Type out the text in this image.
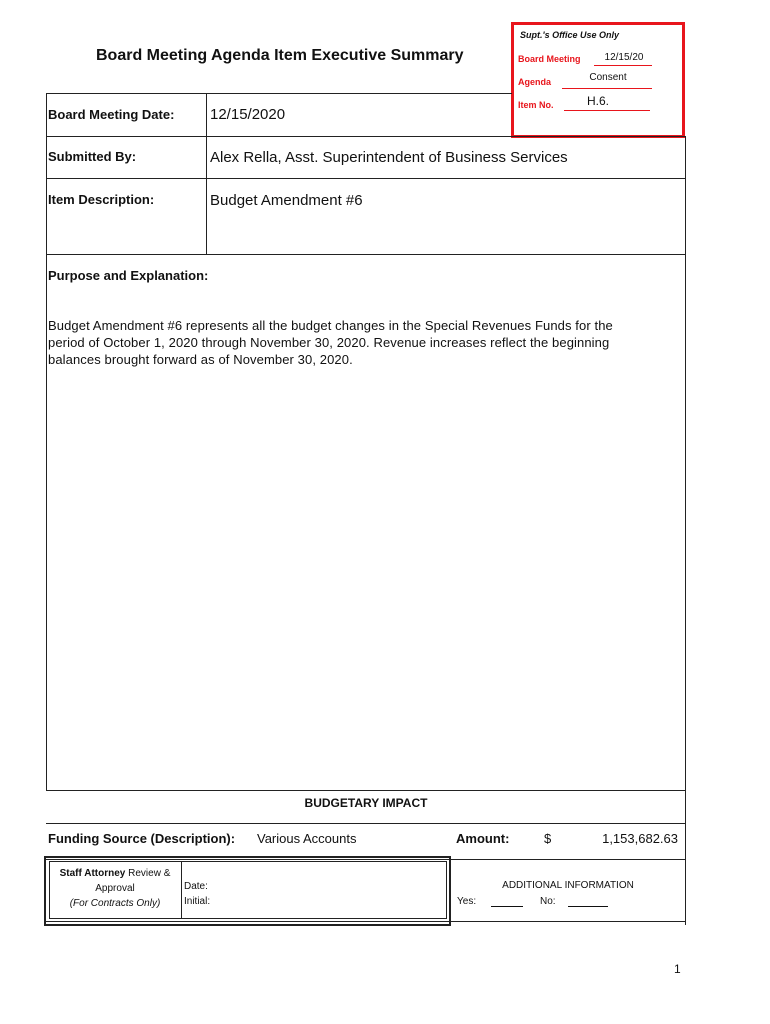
Board Meeting Agenda Item Executive Summary
Supt.'s Office Use Only
Board Meeting	12/15/20
Agenda	Consent
Item No.	H.6.
Board Meeting Date: 12/15/2020
Submitted By:	Alex Rella, Asst. Superintendent of Business Services
Item Description:	Budget Amendment #6
Purpose and Explanation:
Budget Amendment #6 represents all the budget changes in the Special Revenues Funds for the
period of October 1, 2020 through November 30, 2020. Revenue increases reflect the beginning
balances brought forward as of November 30, 2020.
BUDGETARY IMPACT
Funding Source (Description): Various Accounts	Amount:	$	1,153,682.63
Staff Attorney Review &
Approval
(For Contracts Only)
Date:
Initial:
ADDITIONAL INFORMATION
Yes:	No:
1
